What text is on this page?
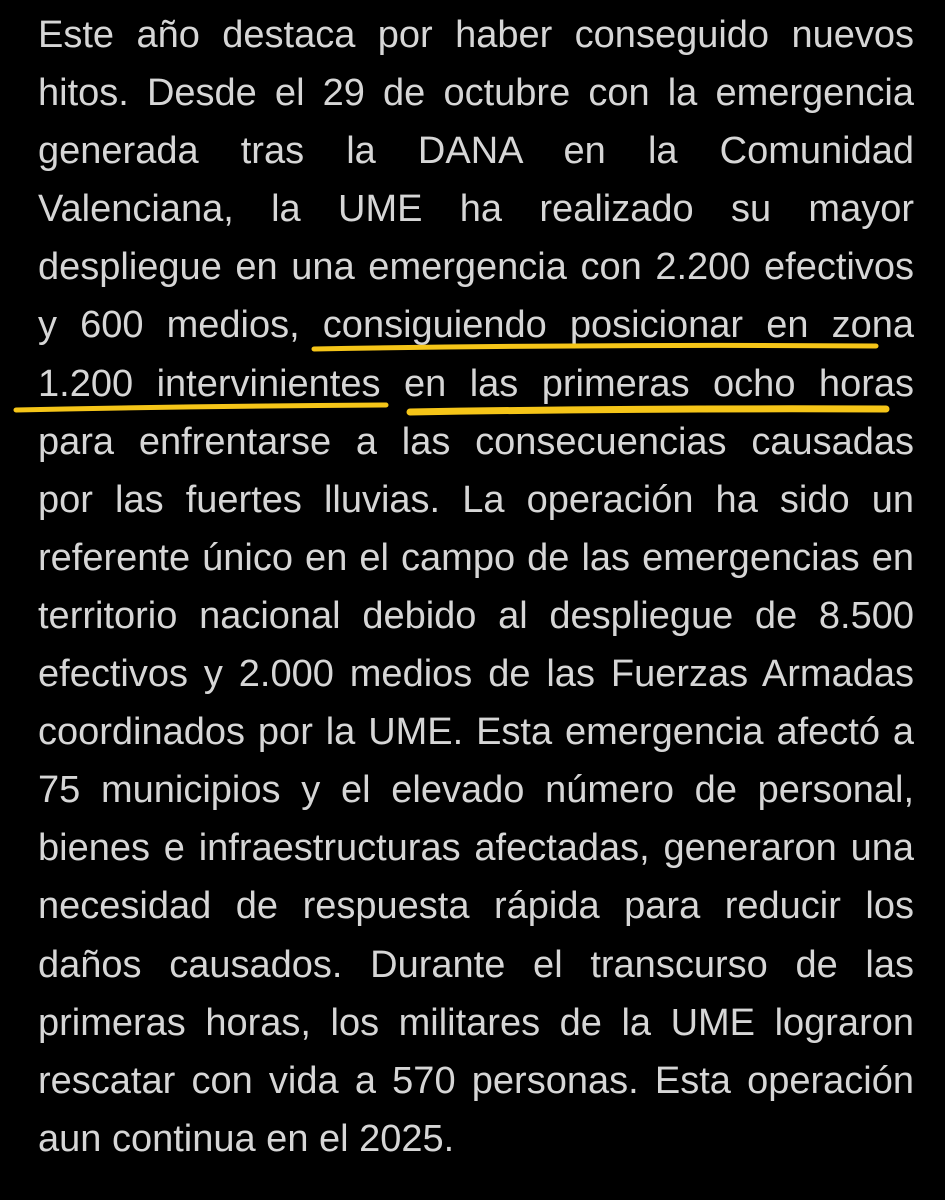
Este año destaca por haber conseguido nuevos
hitos. Desde el 29 de octubre con la emergencia
generada tras la DANA en la Comunidad
Valenciana, la UME ha realizado su mayor
despliegue en una emergencia con 2.200 efectivos
y 600 medios, consiguiendo posicionar en zona
1.200 intervinientes en las primeras ocho horas
para enfrentarse a las consecuencias causadas
por las fuertes lluvias. La operación ha sido un
referente único en el campo de las emergencias en
territorio nacional debido al despliegue de 8.500
efectivos y 2.000 medios de las Fuerzas Armadas
coordinados por la UME. Esta emergencia afectó a
75 municipios y el elevado número de personal,
bienes e infraestructuras afectadas, generaron una
necesidad de respuesta rápida para reducir los
daños causados. Durante el transcurso de las
primeras horas, los militares de la UME lograron
rescatar con vida a 570 personas. Esta operación
aun continua en el 2025.
